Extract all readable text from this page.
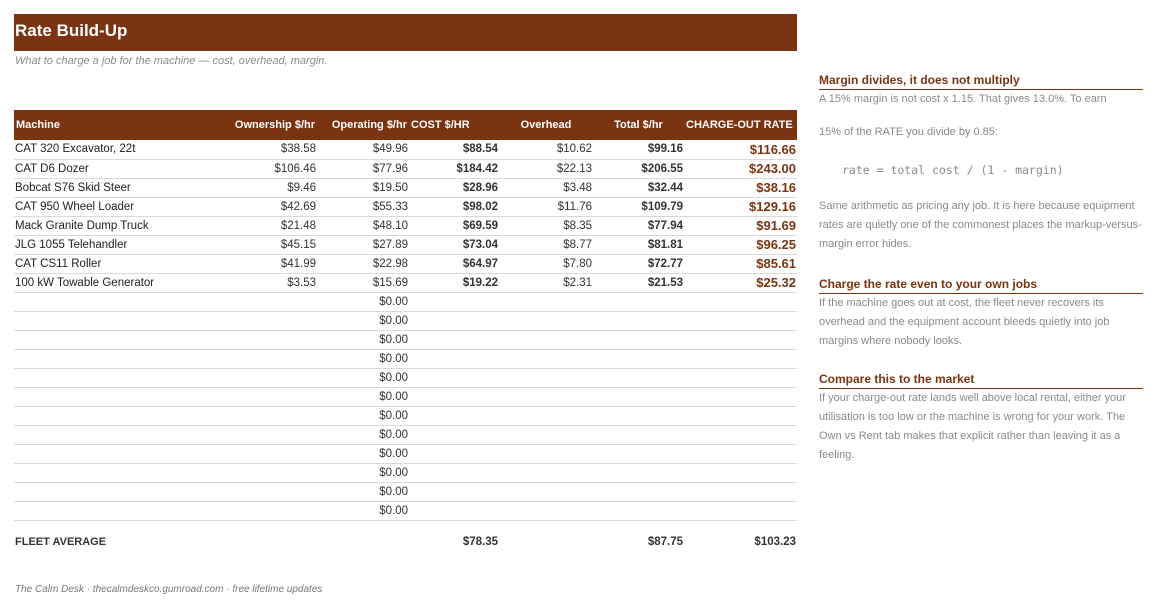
Rate Build-Up
What to charge a job for the machine — cost, overhead, margin.
Machine	Ownership $/hr	Operating $/hr	COST $/HR	Overhead	Total $/hr	CHARGE-OUT RATE
CAT 320 Excavator, 22t	$38.58	$49.96	$88.54	$10.62	$99.16	$116.66
CAT D6 Dozer	$106.46	$77.96	$184.42	$22.13	$206.55	$243.00
Bobcat S76 Skid Steer	$9.46	$19.50	$28.96	$3.48	$32.44	$38.16
CAT 950 Wheel Loader	$42.69	$55.33	$98.02	$11.76	$109.79	$129.16
Mack Granite Dump Truck	$21.48	$48.10	$69.59	$8.35	$77.94	$91.69
JLG 1055 Telehandler	$45.15	$27.89	$73.04	$8.77	$81.81	$96.25
CAT CS11 Roller	$41.99	$22.98	$64.97	$7.80	$72.77	$85.61
100 kW Towable Generator	$3.53	$15.69	$19.22	$2.31	$21.53	$25.32
		$0.00				
		$0.00				
		$0.00				
		$0.00				
		$0.00				
		$0.00				
		$0.00				
		$0.00				
		$0.00				
		$0.00				
		$0.00				
		$0.00				
FLEET AVERAGE			$78.35		$87.75	$103.23
Margin divides, it does not multiply

A 15% margin is not cost x 1.15. That gives 13.0%. To earn

15% of the RATE you divide by 0.85:

rate = total cost / (1 - margin)

Same arithmetic as pricing any job. It is here because equipment rates are quietly one of the commonest places the markup-versus-margin error hides.

Charge the rate even to your own jobs

If the machine goes out at cost, the fleet never recovers its overhead and the equipment account bleeds quietly into job margins where nobody looks.

Compare this to the market

If your charge-out rate lands well above local rental, either your utilisation is too low or the machine is wrong for your work. The Own vs Rent tab makes that explicit rather than leaving it as a feeling.

The Calm Desk · thecalmdeskco.gumroad.com · free lifetime updates
